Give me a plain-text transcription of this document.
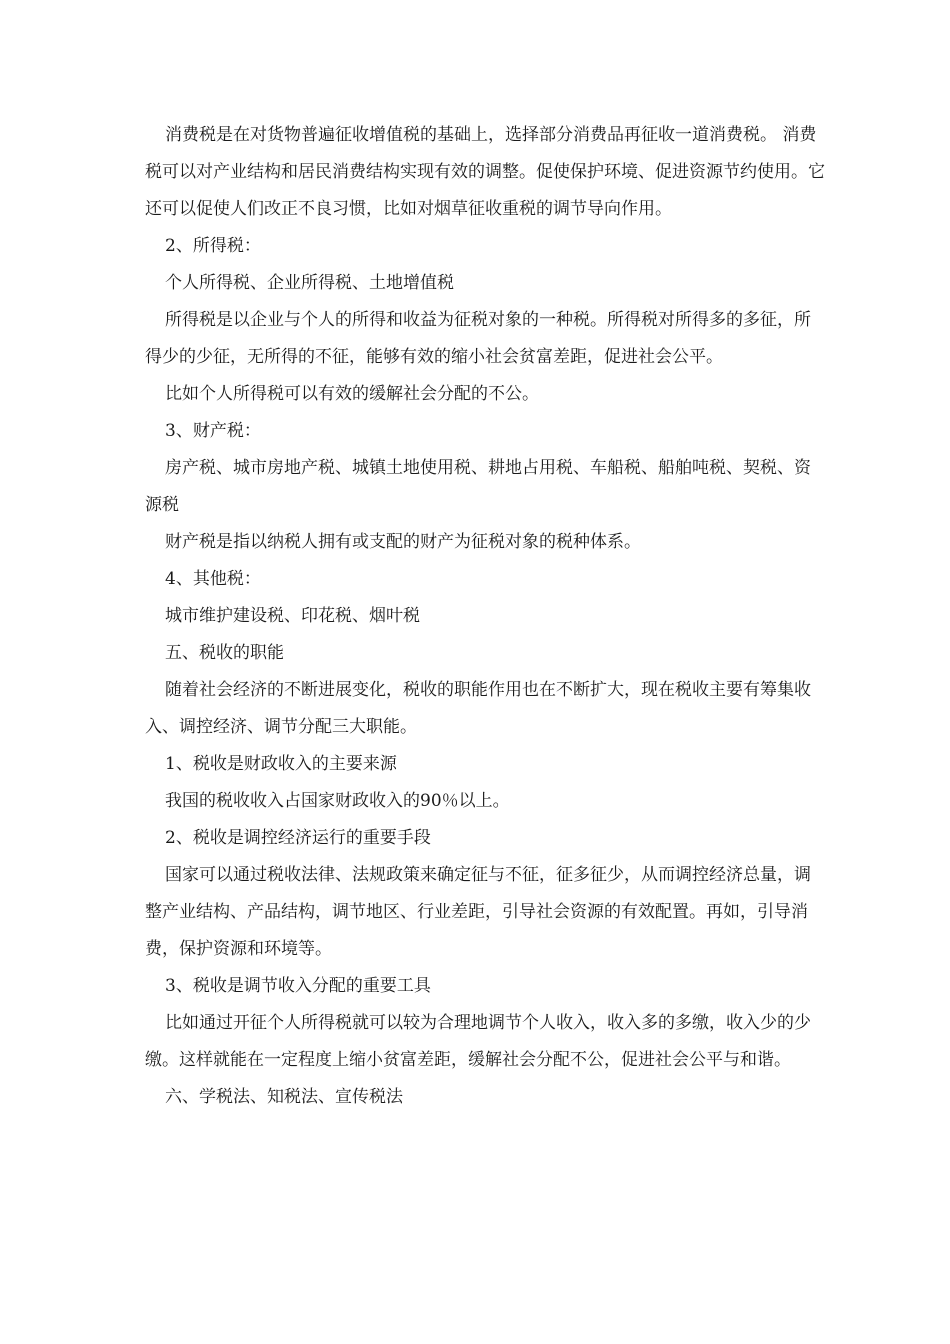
消费税是在对货物普遍征收增值税的基础上，选择部分消费品再征收一道消费税。 消费税可以对产业结构和居民消费结构实现有效的调整。促使保护环境、促进资源节约使用。它还可以促使人们改正不良习惯，比如对烟草征收重税的调节导向作用。

2、所得税：

个人所得税、企业所得税、土地增值税

所得税是以企业与个人的所得和收益为征税对象的一种税。所得税对所得多的多征，所得少的少征，无所得的不征，能够有效的缩小社会贫富差距，促进社会公平。

比如个人所得税可以有效的缓解社会分配的不公。

3、财产税：

房产税、城市房地产税、城镇土地使用税、耕地占用税、车船税、船舶吨税、契税、资源税

财产税是指以纳税人拥有或支配的财产为征税对象的税种体系。

4、其他税：

城市维护建设税、印花税、烟叶税

五、税收的职能

随着社会经济的不断进展变化，税收的职能作用也在不断扩大，现在税收主要有筹集收入、调控经济、调节分配三大职能。

1、税收是财政收入的主要来源

我国的税收收入占国家财政收入的90％以上。

2、税收是调控经济运行的重要手段

国家可以通过税收法律、法规政策来确定征与不征，征多征少，从而调控经济总量，调整产业结构、产品结构，调节地区、行业差距，引导社会资源的有效配置。再如，引导消费，保护资源和环境等。

3、税收是调节收入分配的重要工具

比如通过开征个人所得税就可以较为合理地调节个人收入，收入多的多缴，收入少的少缴。这样就能在一定程度上缩小贫富差距，缓解社会分配不公，促进社会公平与和谐。

六、学税法、知税法、宣传税法
